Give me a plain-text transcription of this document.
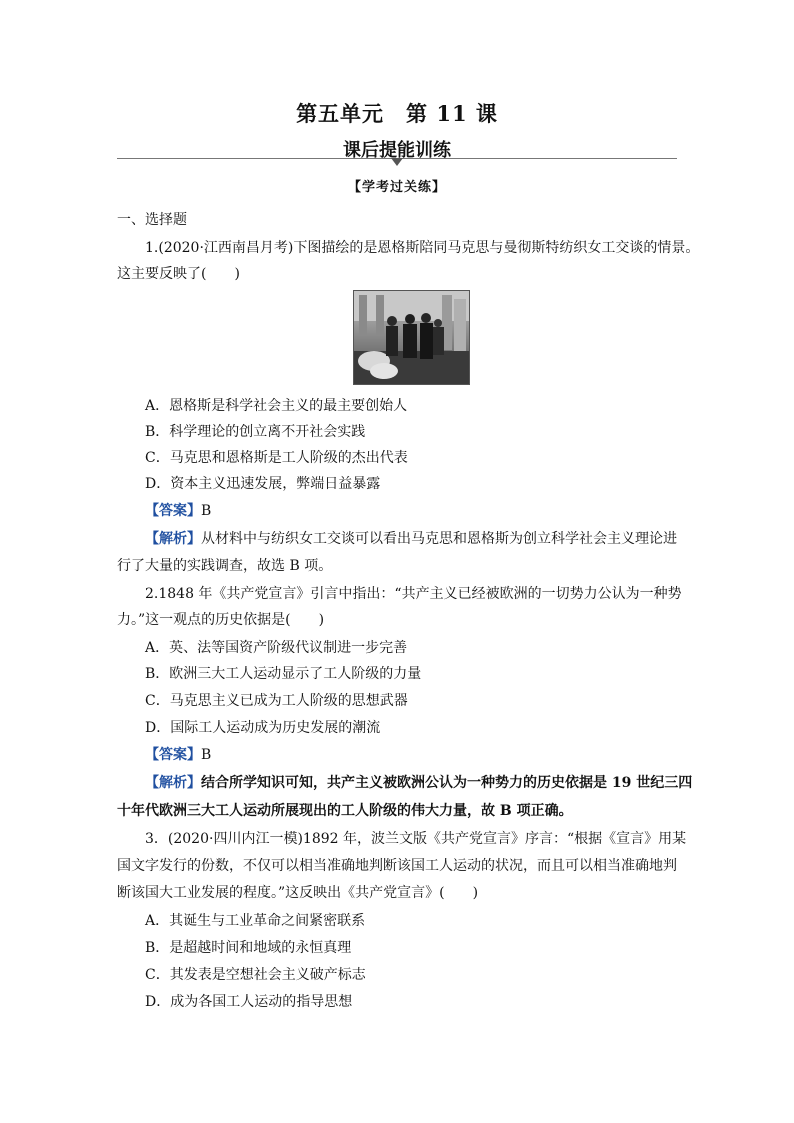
第五单元　第 11 课
课后提能训练
【学考过关练】
一、选择题
1.(2020·江西南昌月考)下图描绘的是恩格斯陪同马克思与曼彻斯特纺织女工交谈的情景。
这主要反映了(　　)
A．恩格斯是科学社会主义的最主要创始人
B．科学理论的创立离不开社会实践
C．马克思和恩格斯是工人阶级的杰出代表
D．资本主义迅速发展，弊端日益暴露
【答案】B
【解析】从材料中与纺织女工交谈可以看出马克思和恩格斯为创立科学社会主义理论进
行了大量的实践调查，故选 B 项。
2.1848 年《共产党宣言》引言中指出：“共产主义已经被欧洲的一切势力公认为一种势
力。”这一观点的历史依据是(　　)
A．英、法等国资产阶级代议制进一步完善
B．欧洲三大工人运动显示了工人阶级的力量
C．马克思主义已成为工人阶级的思想武器
D．国际工人运动成为历史发展的潮流
【答案】B
【解析】结合所学知识可知，共产主义被欧洲公认为一种势力的历史依据是 19 世纪三四
十年代欧洲三大工人运动所展现出的工人阶级的伟大力量，故 B 项正确。
3．(2020·四川内江一模)1892 年，波兰文版《共产党宣言》序言：“根据《宣言》用某
国文字发行的份数，不仅可以相当准确地判断该国工人运动的状况，而且可以相当准确地判
断该国大工业发展的程度。”这反映出《共产党宣言》(　　)
A．其诞生与工业革命之间紧密联系
B．是超越时间和地域的永恒真理
C．其发表是空想社会主义破产标志
D．成为各国工人运动的指导思想
